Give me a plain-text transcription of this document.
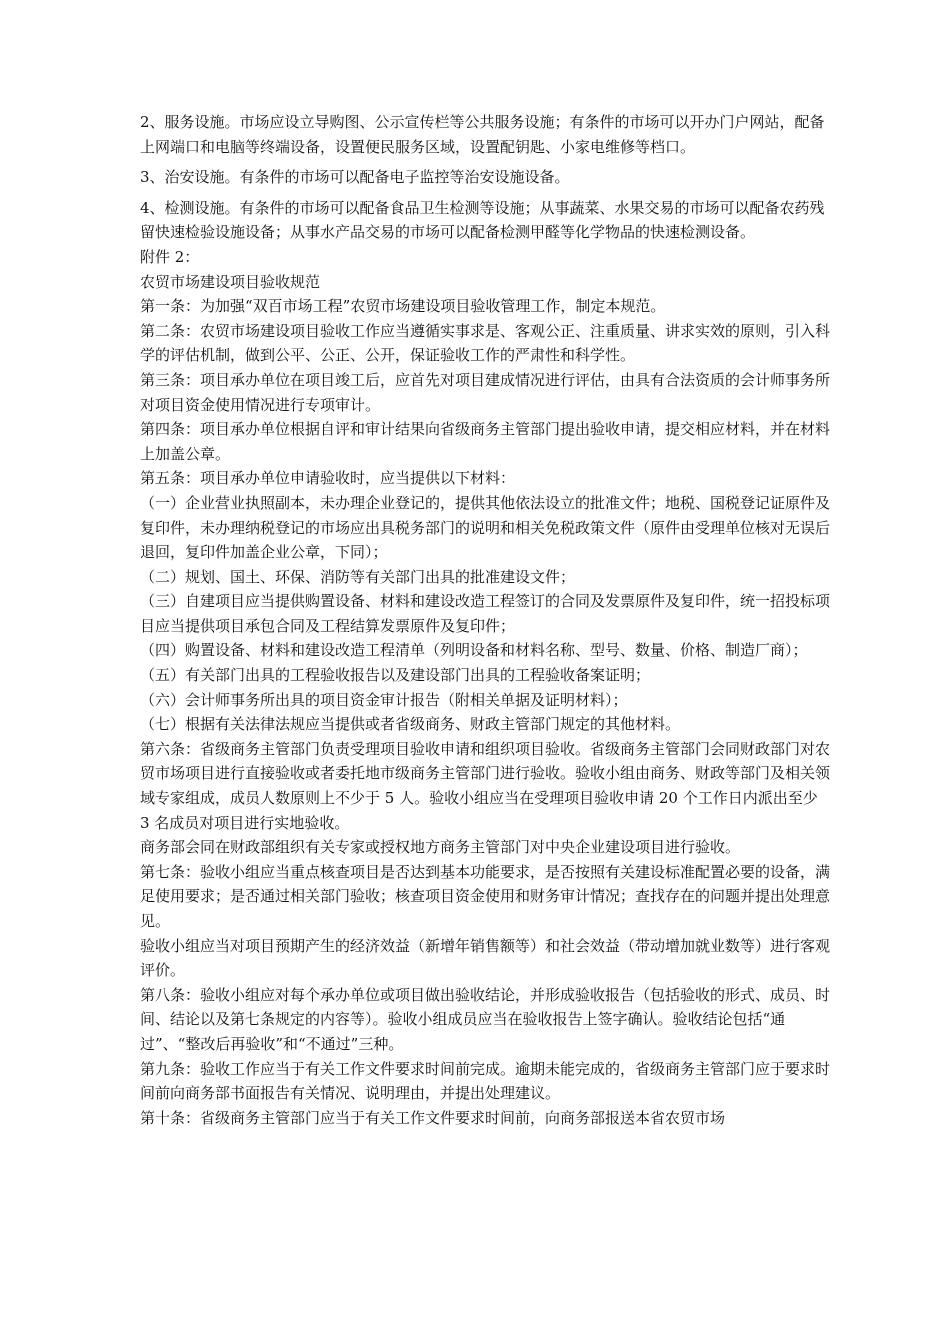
2、服务设施。市场应设立导购图、公示宣传栏等公共服务设施；有条件的市场可以开办门户网站，配备上网端口和电脑等终端设备，设置便民服务区域，设置配钥匙、小家电维修等档口。

3、治安设施。有条件的市场可以配备电子监控等治安设施设备。

4、检测设施。有条件的市场可以配备食品卫生检测等设施；从事蔬菜、水果交易的市场可以配备农药残留快速检验设施设备；从事水产品交易的市场可以配备检测甲醛等化学物品的快速检测设备。

附件 2：

农贸市场建设项目验收规范

第一条：为加强“双百市场工程”农贸市场建设项目验收管理工作，制定本规范。

第二条：农贸市场建设项目验收工作应当遵循实事求是、客观公正、注重质量、讲求实效的原则，引入科学的评估机制，做到公平、公正、公开，保证验收工作的严肃性和科学性。

第三条：项目承办单位在项目竣工后，应首先对项目建成情况进行评估，由具有合法资质的会计师事务所对项目资金使用情况进行专项审计。

第四条：项目承办单位根据自评和审计结果向省级商务主管部门提出验收申请，提交相应材料，并在材料上加盖公章。

第五条：项目承办单位申请验收时，应当提供以下材料：

（一）企业营业执照副本，未办理企业登记的，提供其他依法设立的批准文件；地税、国税登记证原件及复印件，未办理纳税登记的市场应出具税务部门的说明和相关免税政策文件（原件由受理单位核对无误后退回，复印件加盖企业公章，下同）；

（二）规划、国土、环保、消防等有关部门出具的批准建设文件；

（三）自建项目应当提供购置设备、材料和建设改造工程签订的合同及发票原件及复印件，统一招投标项目应当提供项目承包合同及工程结算发票原件及复印件；

（四）购置设备、材料和建设改造工程清单（列明设备和材料名称、型号、数量、价格、制造厂商）；

（五）有关部门出具的工程验收报告以及建设部门出具的工程验收备案证明；

（六）会计师事务所出具的项目资金审计报告（附相关单据及证明材料）；

（七）根据有关法律法规应当提供或者省级商务、财政主管部门规定的其他材料。

第六条：省级商务主管部门负责受理项目验收申请和组织项目验收。省级商务主管部门会同财政部门对农贸市场项目进行直接验收或者委托地市级商务主管部门进行验收。验收小组由商务、财政等部门及相关领域专家组成，成员人数原则上不少于 5 人。验收小组应当在受理项目验收申请 20 个工作日内派出至少 3 名成员对项目进行实地验收。

商务部会同在财政部组织有关专家或授权地方商务主管部门对中央企业建设项目进行验收。

第七条：验收小组应当重点核查项目是否达到基本功能要求，是否按照有关建设标准配置必要的设备，满足使用要求；是否通过相关部门验收；核查项目资金使用和财务审计情况；查找存在的问题并提出处理意见。

验收小组应当对项目预期产生的经济效益（新增年销售额等）和社会效益（带动增加就业数等）进行客观评价。

第八条：验收小组应对每个承办单位或项目做出验收结论，并形成验收报告（包括验收的形式、成员、时间、结论以及第七条规定的内容等）。验收小组成员应当在验收报告上签字确认。验收结论包括“通过”、“整改后再验收”和“不通过”三种。

第九条：验收工作应当于有关工作文件要求时间前完成。逾期未能完成的，省级商务主管部门应于要求时间前向商务部书面报告有关情况、说明理由，并提出处理建议。

第十条：省级商务主管部门应当于有关工作文件要求时间前，向商务部报送本省农贸市场
